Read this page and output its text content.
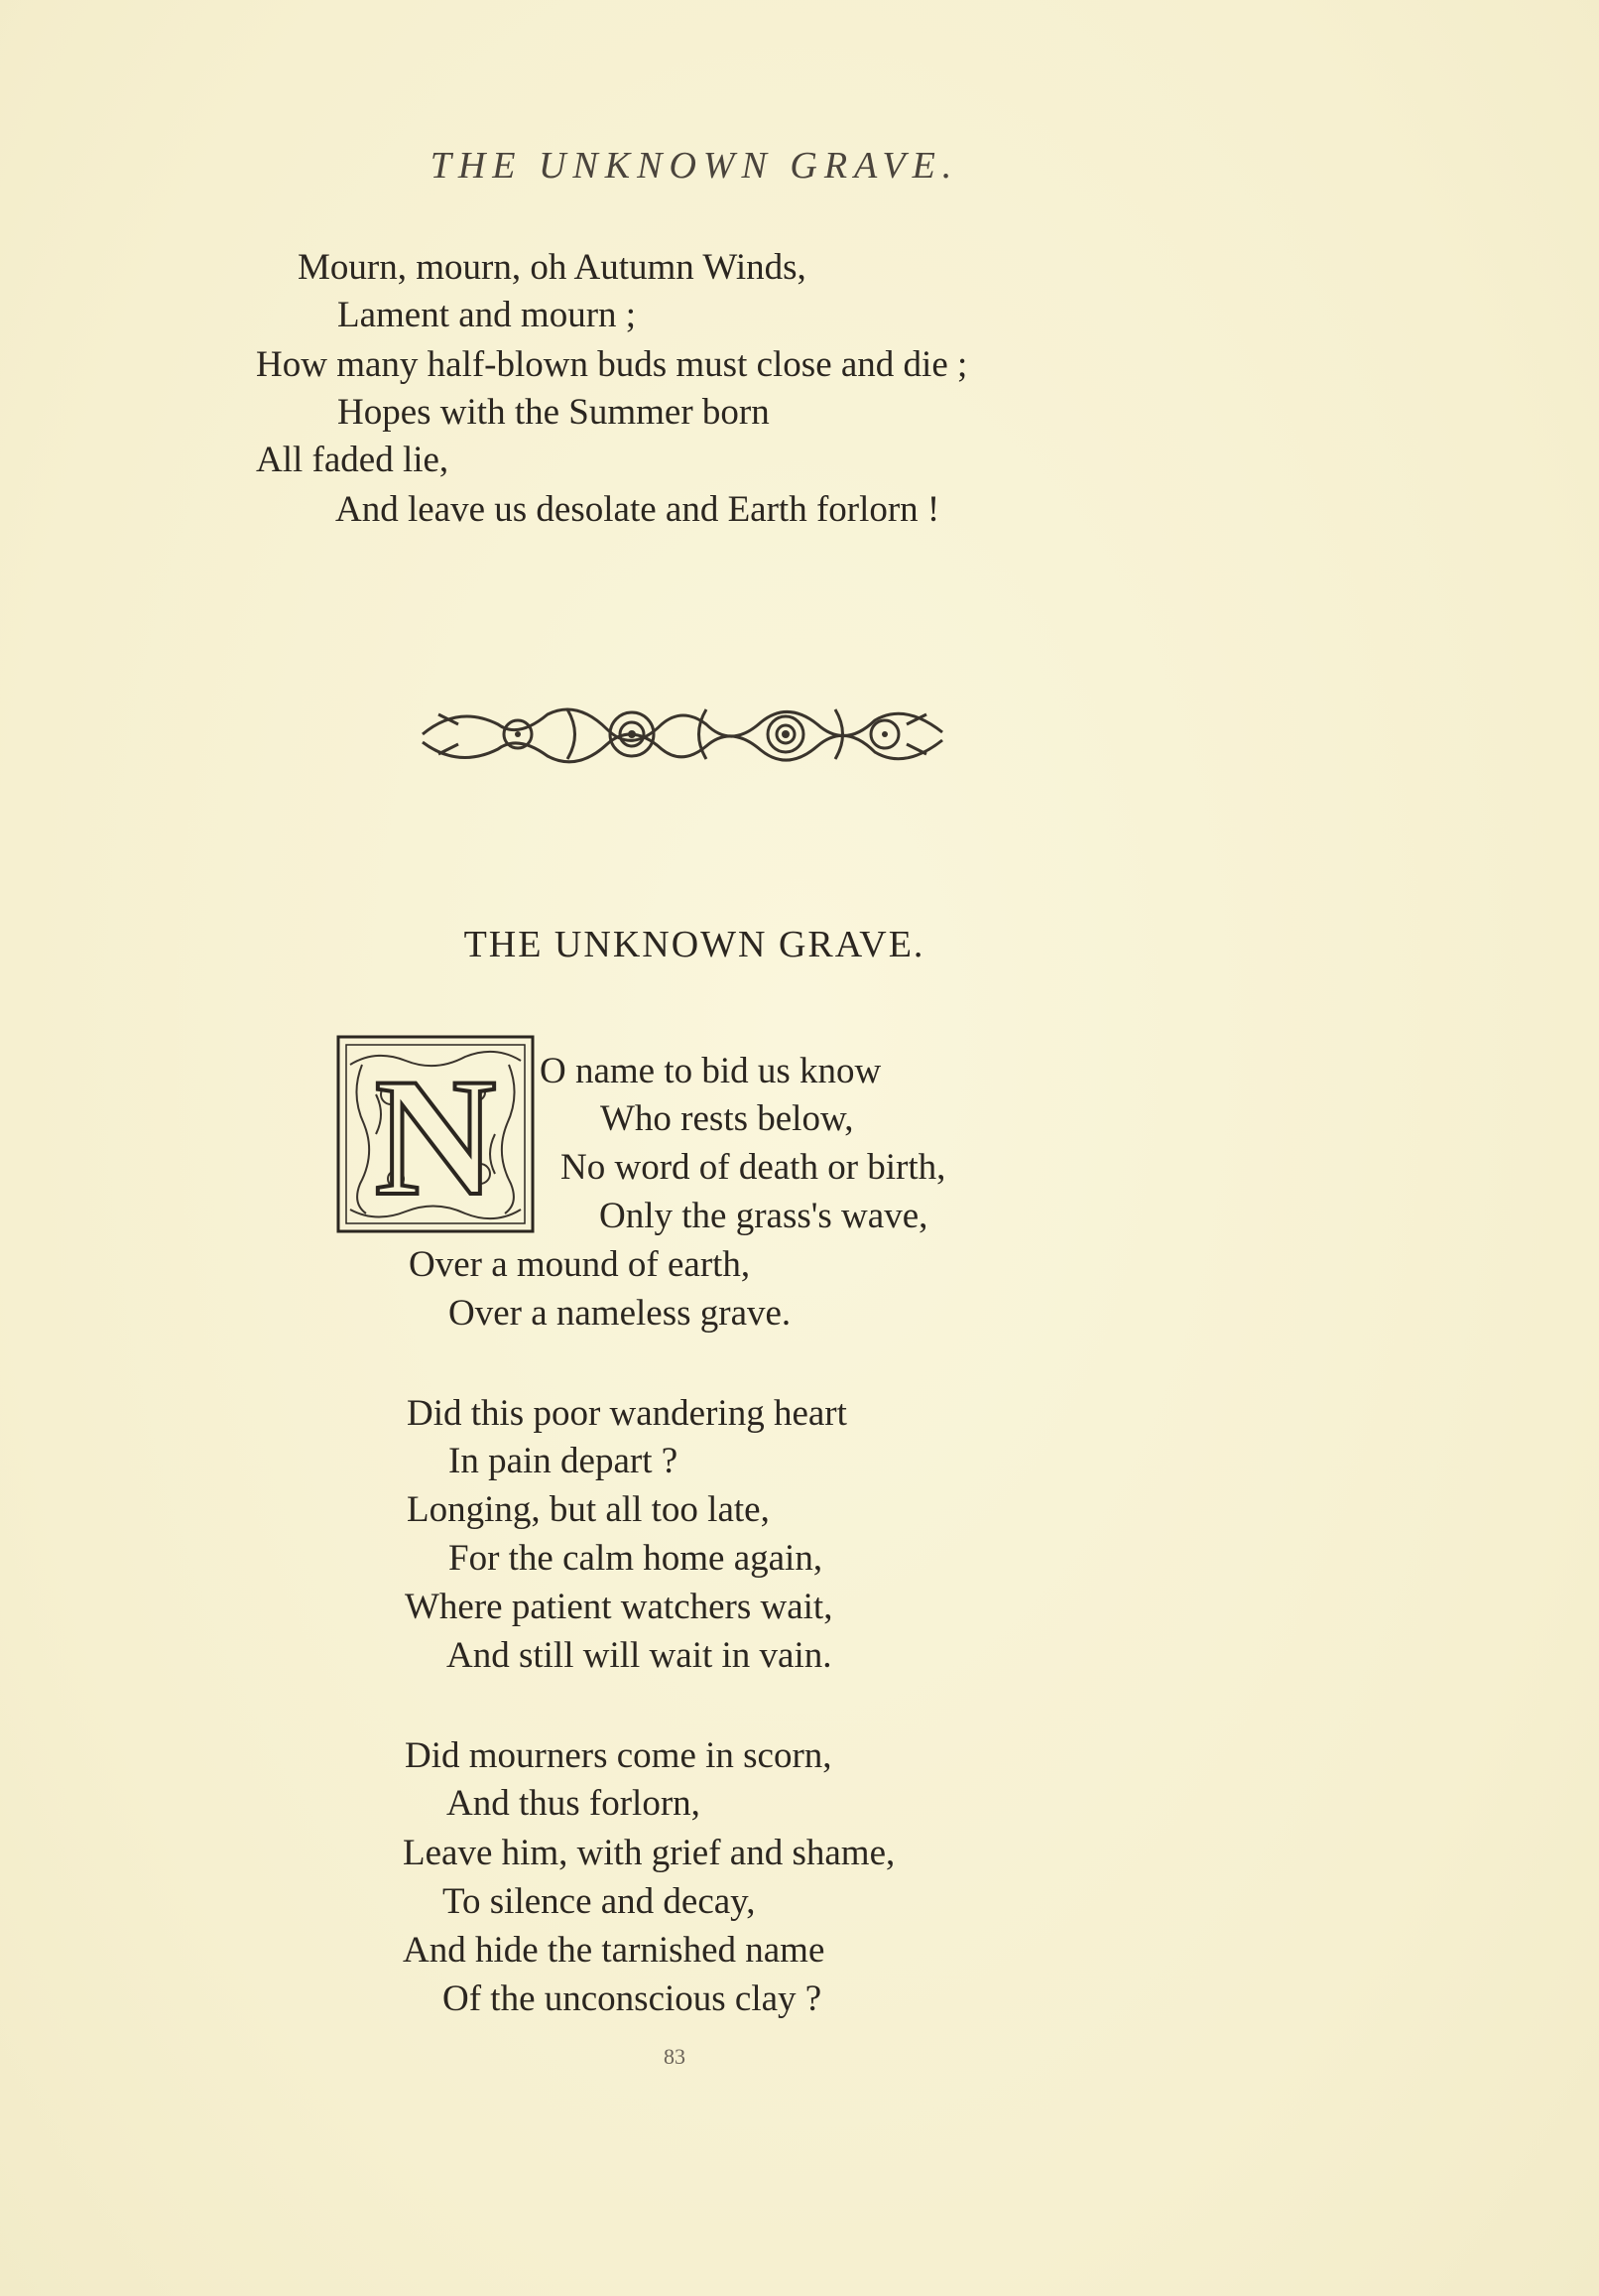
THE UNKNOWN GRAVE.
Mourn, mourn, oh Autumn Winds,
Lament and mourn ;
How many half-blown buds must close and die ;
Hopes with the Summer born
All faded lie,
And leave us desolate and Earth forlorn !
THE UNKNOWN GRAVE.
N O name to bid us know
Who rests below,
No word of death or birth,
Only the grass's wave,
Over a mound of earth,
Over a nameless grave.
Did this poor wandering heart
In pain depart ?
Longing, but all too late,
For the calm home again,
Where patient watchers wait,
And still will wait in vain.
Did mourners come in scorn,
And thus forlorn,
Leave him, with grief and shame,
To silence and decay,
And hide the tarnished name
Of the unconscious clay ?
83
